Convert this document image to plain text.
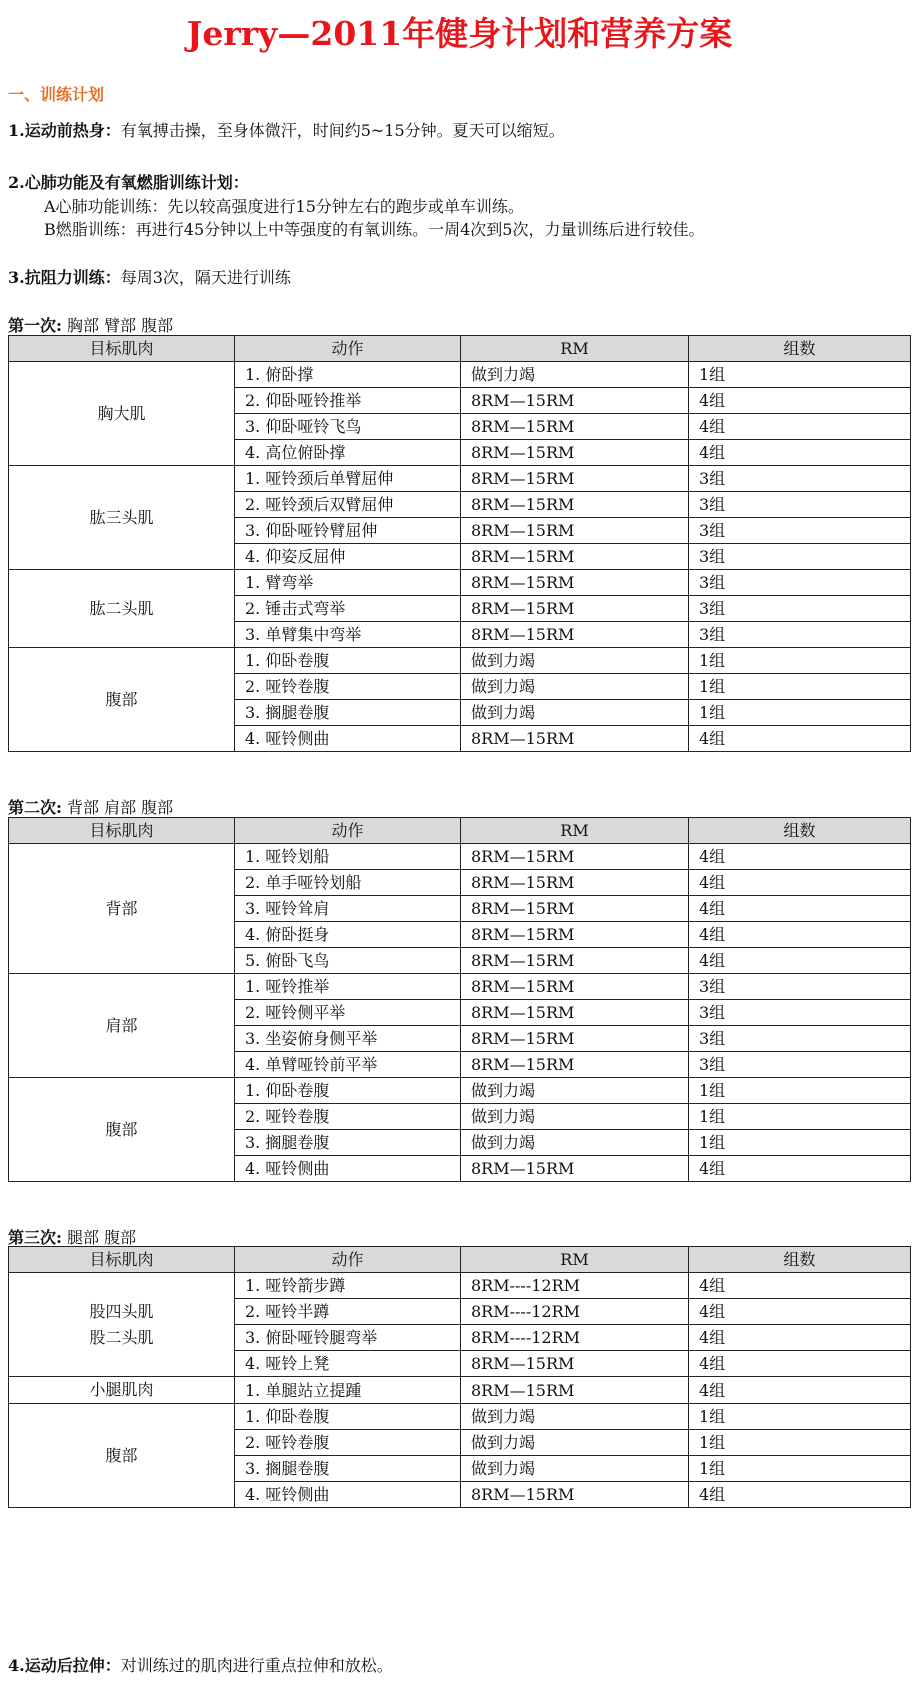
Jerry—2011年健身计划和营养方案
一、训练计划

1.运动前热身：有氧搏击操，至身体微汗，时间约5~15分钟。夏天可以缩短。

2.心肺功能及有氧燃脂训练计划：

A心肺功能训练：先以较高强度进行15分钟左右的跑步或单车训练。

B燃脂训练：再进行45分钟以上中等强度的有氧训练。一周4次到5次，力量训练后进行较佳。

3.抗阻力训练：每周3次，隔天进行训练

第一次: 胸部 臂部 腹部

目标肌肉	动作	RM	组数

胸大肌	1. 俯卧撑	做到力竭	1组
	2. 仰卧哑铃推举	8RM—15RM	4组
	3. 仰卧哑铃飞鸟	8RM—15RM	4组
	4. 高位俯卧撑	8RM—15RM	4组

肱三头肌	1. 哑铃颈后单臂屈伸	8RM—15RM	3组
	2. 哑铃颈后双臂屈伸	8RM—15RM	3组
	3. 仰卧哑铃臂屈伸	8RM—15RM	3组
	4. 仰姿反屈伸	8RM—15RM	3组

肱二头肌	1. 臂弯举	8RM—15RM	3组
	2. 锤击式弯举	8RM—15RM	3组
	3. 单臂集中弯举	8RM—15RM	3组

腹部	1. 仰卧卷腹	做到力竭	1组
	2. 哑铃卷腹	做到力竭	1组
	3. 搁腿卷腹	做到力竭	1组
	4. 哑铃侧曲	8RM—15RM	4组

第二次: 背部 肩部 腹部

目标肌肉	动作	RM	组数

背部	1. 哑铃划船	8RM—15RM	4组
	2. 单手哑铃划船	8RM—15RM	4组
	3. 哑铃耸肩	8RM—15RM	4组
	4. 俯卧挺身	8RM—15RM	4组
	5. 俯卧飞鸟	8RM—15RM	4组

肩部	1. 哑铃推举	8RM—15RM	3组
	2. 哑铃侧平举	8RM—15RM	3组
	3. 坐姿俯身侧平举	8RM—15RM	3组
	4. 单臂哑铃前平举	8RM—15RM	3组

腹部	1. 仰卧卷腹	做到力竭	1组
	2. 哑铃卷腹	做到力竭	1组
	3. 搁腿卷腹	做到力竭	1组
	4. 哑铃侧曲	8RM—15RM	4组

第三次: 腿部 腹部

目标肌肉	动作	RM	组数

股四头肌
股二头肌	1. 哑铃箭步蹲	8RM----12RM	4组
	2. 哑铃半蹲	8RM----12RM	4组
	3. 俯卧哑铃腿弯举	8RM----12RM	4组
	4. 哑铃上凳	8RM—15RM	4组

小腿肌肉	1. 单腿站立提踵	8RM—15RM	4组

腹部	1. 仰卧卷腹	做到力竭	1组
	2. 哑铃卷腹	做到力竭	1组
	3. 搁腿卷腹	做到力竭	1组
	4. 哑铃侧曲	8RM—15RM	4组

4.运动后拉伸：对训练过的肌肉进行重点拉伸和放松。
